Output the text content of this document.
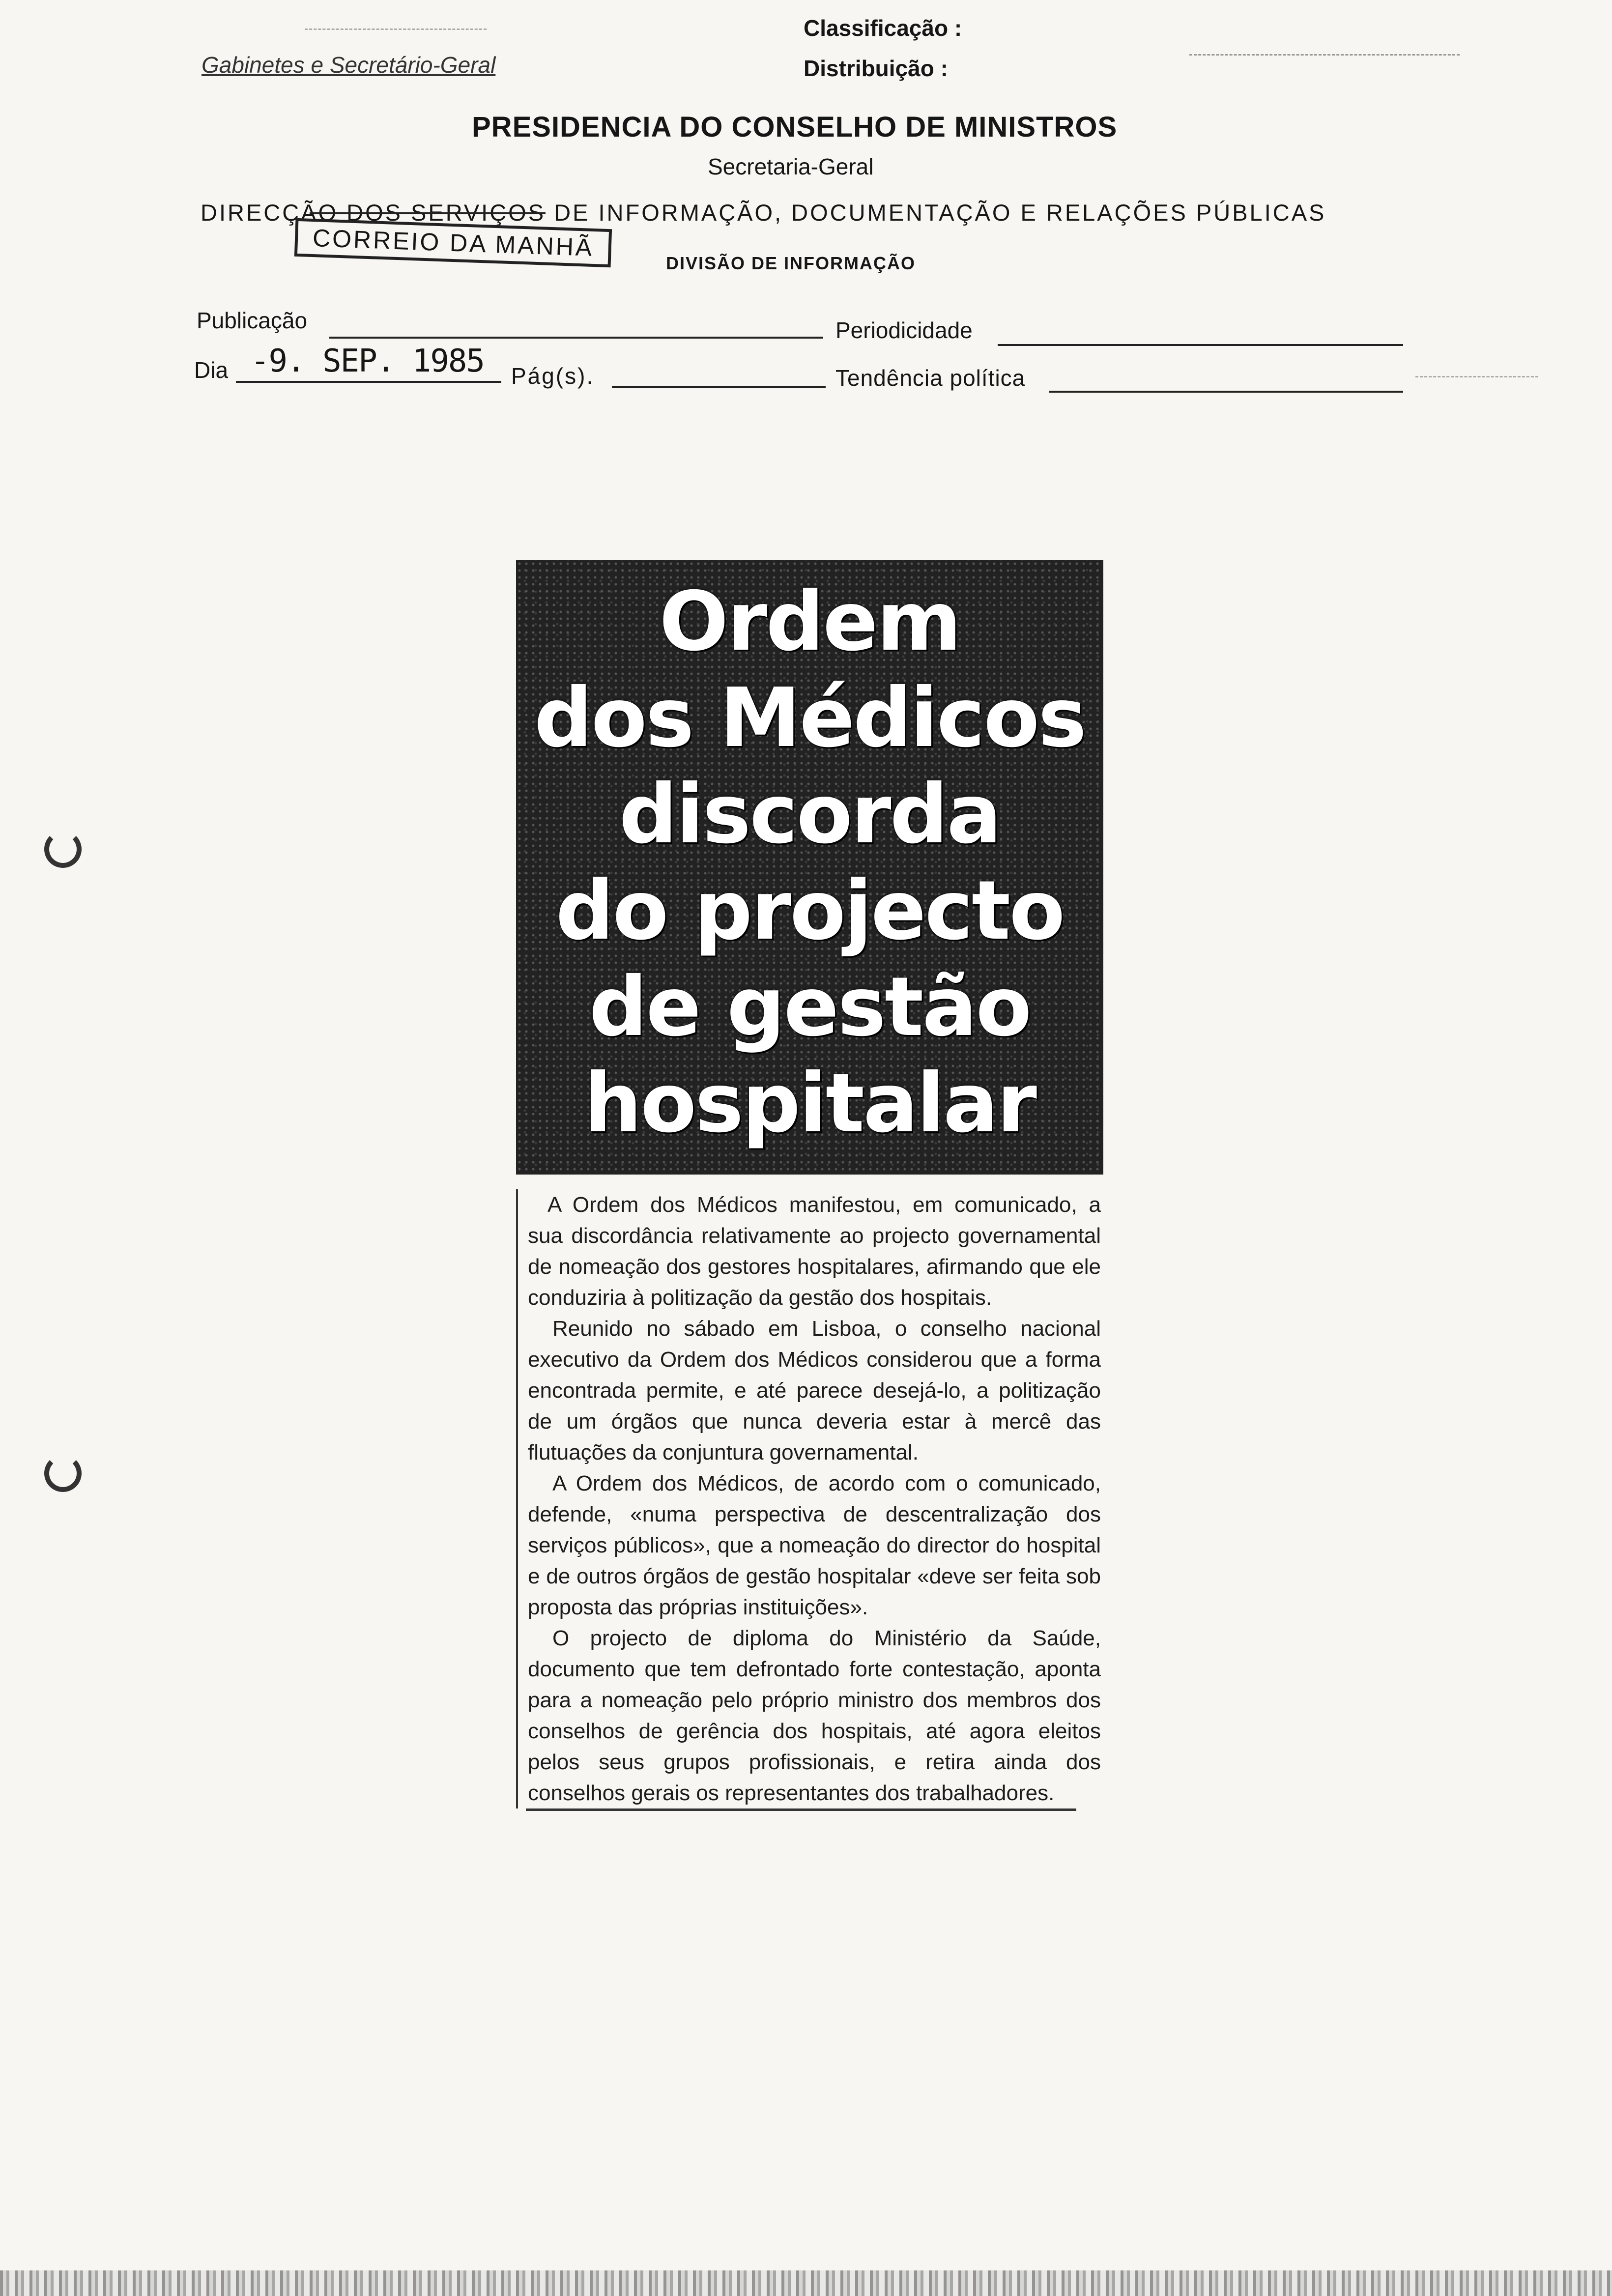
Gabinetes e Secretário-Geral
Classificação :
Distribuição :
PRESIDENCIA DO CONSELHO DE MINISTROS
Secretaria-Geral
DIRECÇÃO DOS SERVIÇOS DE INFORMAÇÃO, DOCUMENTAÇÃO E RELAÇÕES PÚBLICAS
CORREIO DA MANHÃ
DIVISÃO DE INFORMAÇÃO
Publicação	Periodicidade
Dia -9. SEP. 1985 Pág(s).	Tendência política
Ordem
dos Médicos
discorda
do projecto
de gestão
hospitalar

A Ordem dos Médicos manifestou, em comunicado, a sua discordância relativamente ao projecto governamental de nomeação dos gestores hospitalares, afirmando que ele conduziria à politização da gestão dos hospitais.

Reunido no sábado em Lisboa, o conselho nacional executivo da Ordem dos Médicos considerou que a forma encontrada permite, e até parece desejá-lo, a politização de um órgãos que nunca deveria estar à mercê das flutuações da conjuntura governamental.

A Ordem dos Médicos, de acordo com o comunicado, defende, «numa perspectiva de descentralização dos serviços públicos», que a nomeação do director do hospital e de outros órgãos de gestão hospitalar «deve ser feita sob proposta das próprias instituições».

O projecto de diploma do Ministério da Saúde, documento que tem defrontado forte contestação, aponta para a nomeação pelo próprio ministro dos membros dos conselhos de gerência dos hospitais, até agora eleitos pelos seus grupos profissionais, e retira ainda dos conselhos gerais os representantes dos trabalhadores.
